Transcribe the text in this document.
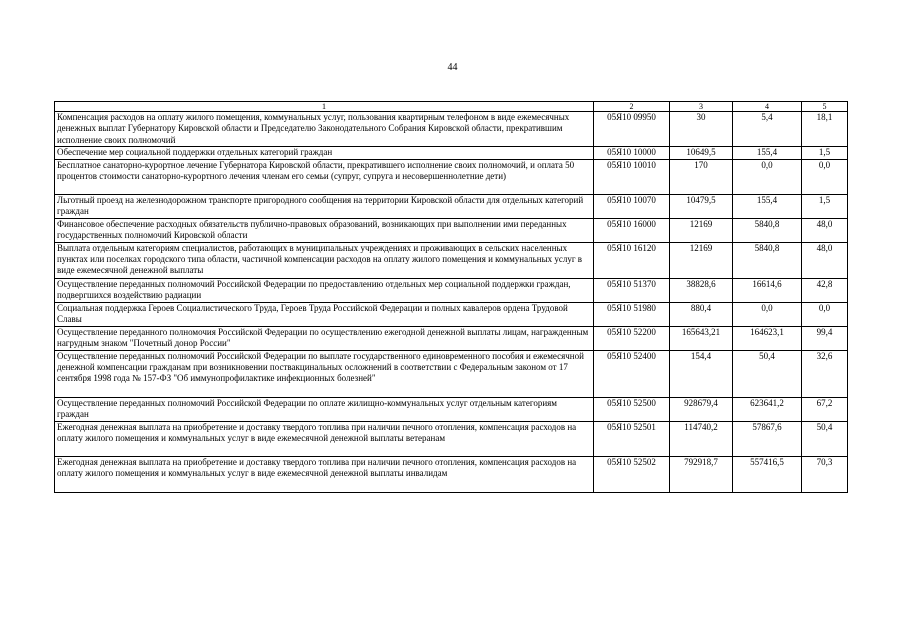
44
1	2	3	4	5
Компенсация расходов на оплату жилого помещения, коммунальных услуг, пользования квартирным телефоном в виде ежемесячных денежных выплат Губернатору Кировской области и Председателю Законодательного Собрания Кировской области, прекратившим исполнение своих полномочий	05Я10 09950	30	5,4	18,1
Обеспечение мер социальной поддержки отдельных категорий граждан	05Я10 10000	10649,5	155,4	1,5
Бесплатное санаторно-курортное лечение Губернатора Кировской области, прекратившего исполнение своих полномочий, и оплата 50 процентов стоимости санаторно-курортного лечения членам его семьи (супруг, супруга и несовершеннолетние дети)	05Я10 10010	170	0,0	0,0
Льготный проезд на железнодорожном транспорте пригородного сообщения на территории Кировской области для отдельных категорий граждан	05Я10 10070	10479,5	155,4	1,5
Финансовое обеспечение расходных обязательств публично-правовых образований, возникающих при выполнении ими переданных государственных полномочий Кировской области	05Я10 16000	12169	5840,8	48,0
Выплата отдельным категориям специалистов, работающих в муниципальных учреждениях и проживающих в сельских населенных пунктах или поселках городского типа области, частичной компенсации расходов на оплату жилого помещения и коммунальных услуг в виде ежемесячной денежной выплаты	05Я10 16120	12169	5840,8	48,0
Осуществление переданных полномочий Российской Федерации по предоставлению отдельных мер социальной поддержки граждан, подвергшихся воздействию радиации	05Я10 51370	38828,6	16614,6	42,8
Социальная поддержка Героев Социалистического Труда, Героев Труда Российской Федерации и полных кавалеров ордена Трудовой Славы	05Я10 51980	880,4	0,0	0,0
Осуществление переданного полномочия Российской Федерации по осуществлению ежегодной денежной выплаты лицам, награжденным нагрудным знаком "Почетный донор России"	05Я10 52200	165643,21	164623,1	99,4
Осуществление переданных полномочий Российской Федерации по выплате государственного единовременного пособия и ежемесячной денежной компенсации гражданам при возникновении поствакцинальных осложнений в соответствии с Федеральным законом от 17 сентября 1998 года № 157-ФЗ "Об иммунопрофилактике инфекционных болезней"	05Я10 52400	154,4	50,4	32,6
Осуществление переданных полномочий Российской Федерации по оплате жилищно-коммунальных услуг отдельным категориям граждан	05Я10 52500	928679,4	623641,2	67,2
Ежегодная денежная выплата на приобретение и доставку твердого топлива при наличии печного отопления, компенсация расходов на оплату жилого помещения и коммунальных услуг в виде ежемесячной денежной выплаты ветеранам	05Я10 52501	114740,2	57867,6	50,4
Ежегодная денежная выплата на приобретение и доставку твердого топлива при наличии печного отопления, компенсация расходов на оплату жилого помещения и коммунальных услуг в виде ежемесячной денежной выплаты инвалидам	05Я10 52502	792918,7	557416,5	70,3
